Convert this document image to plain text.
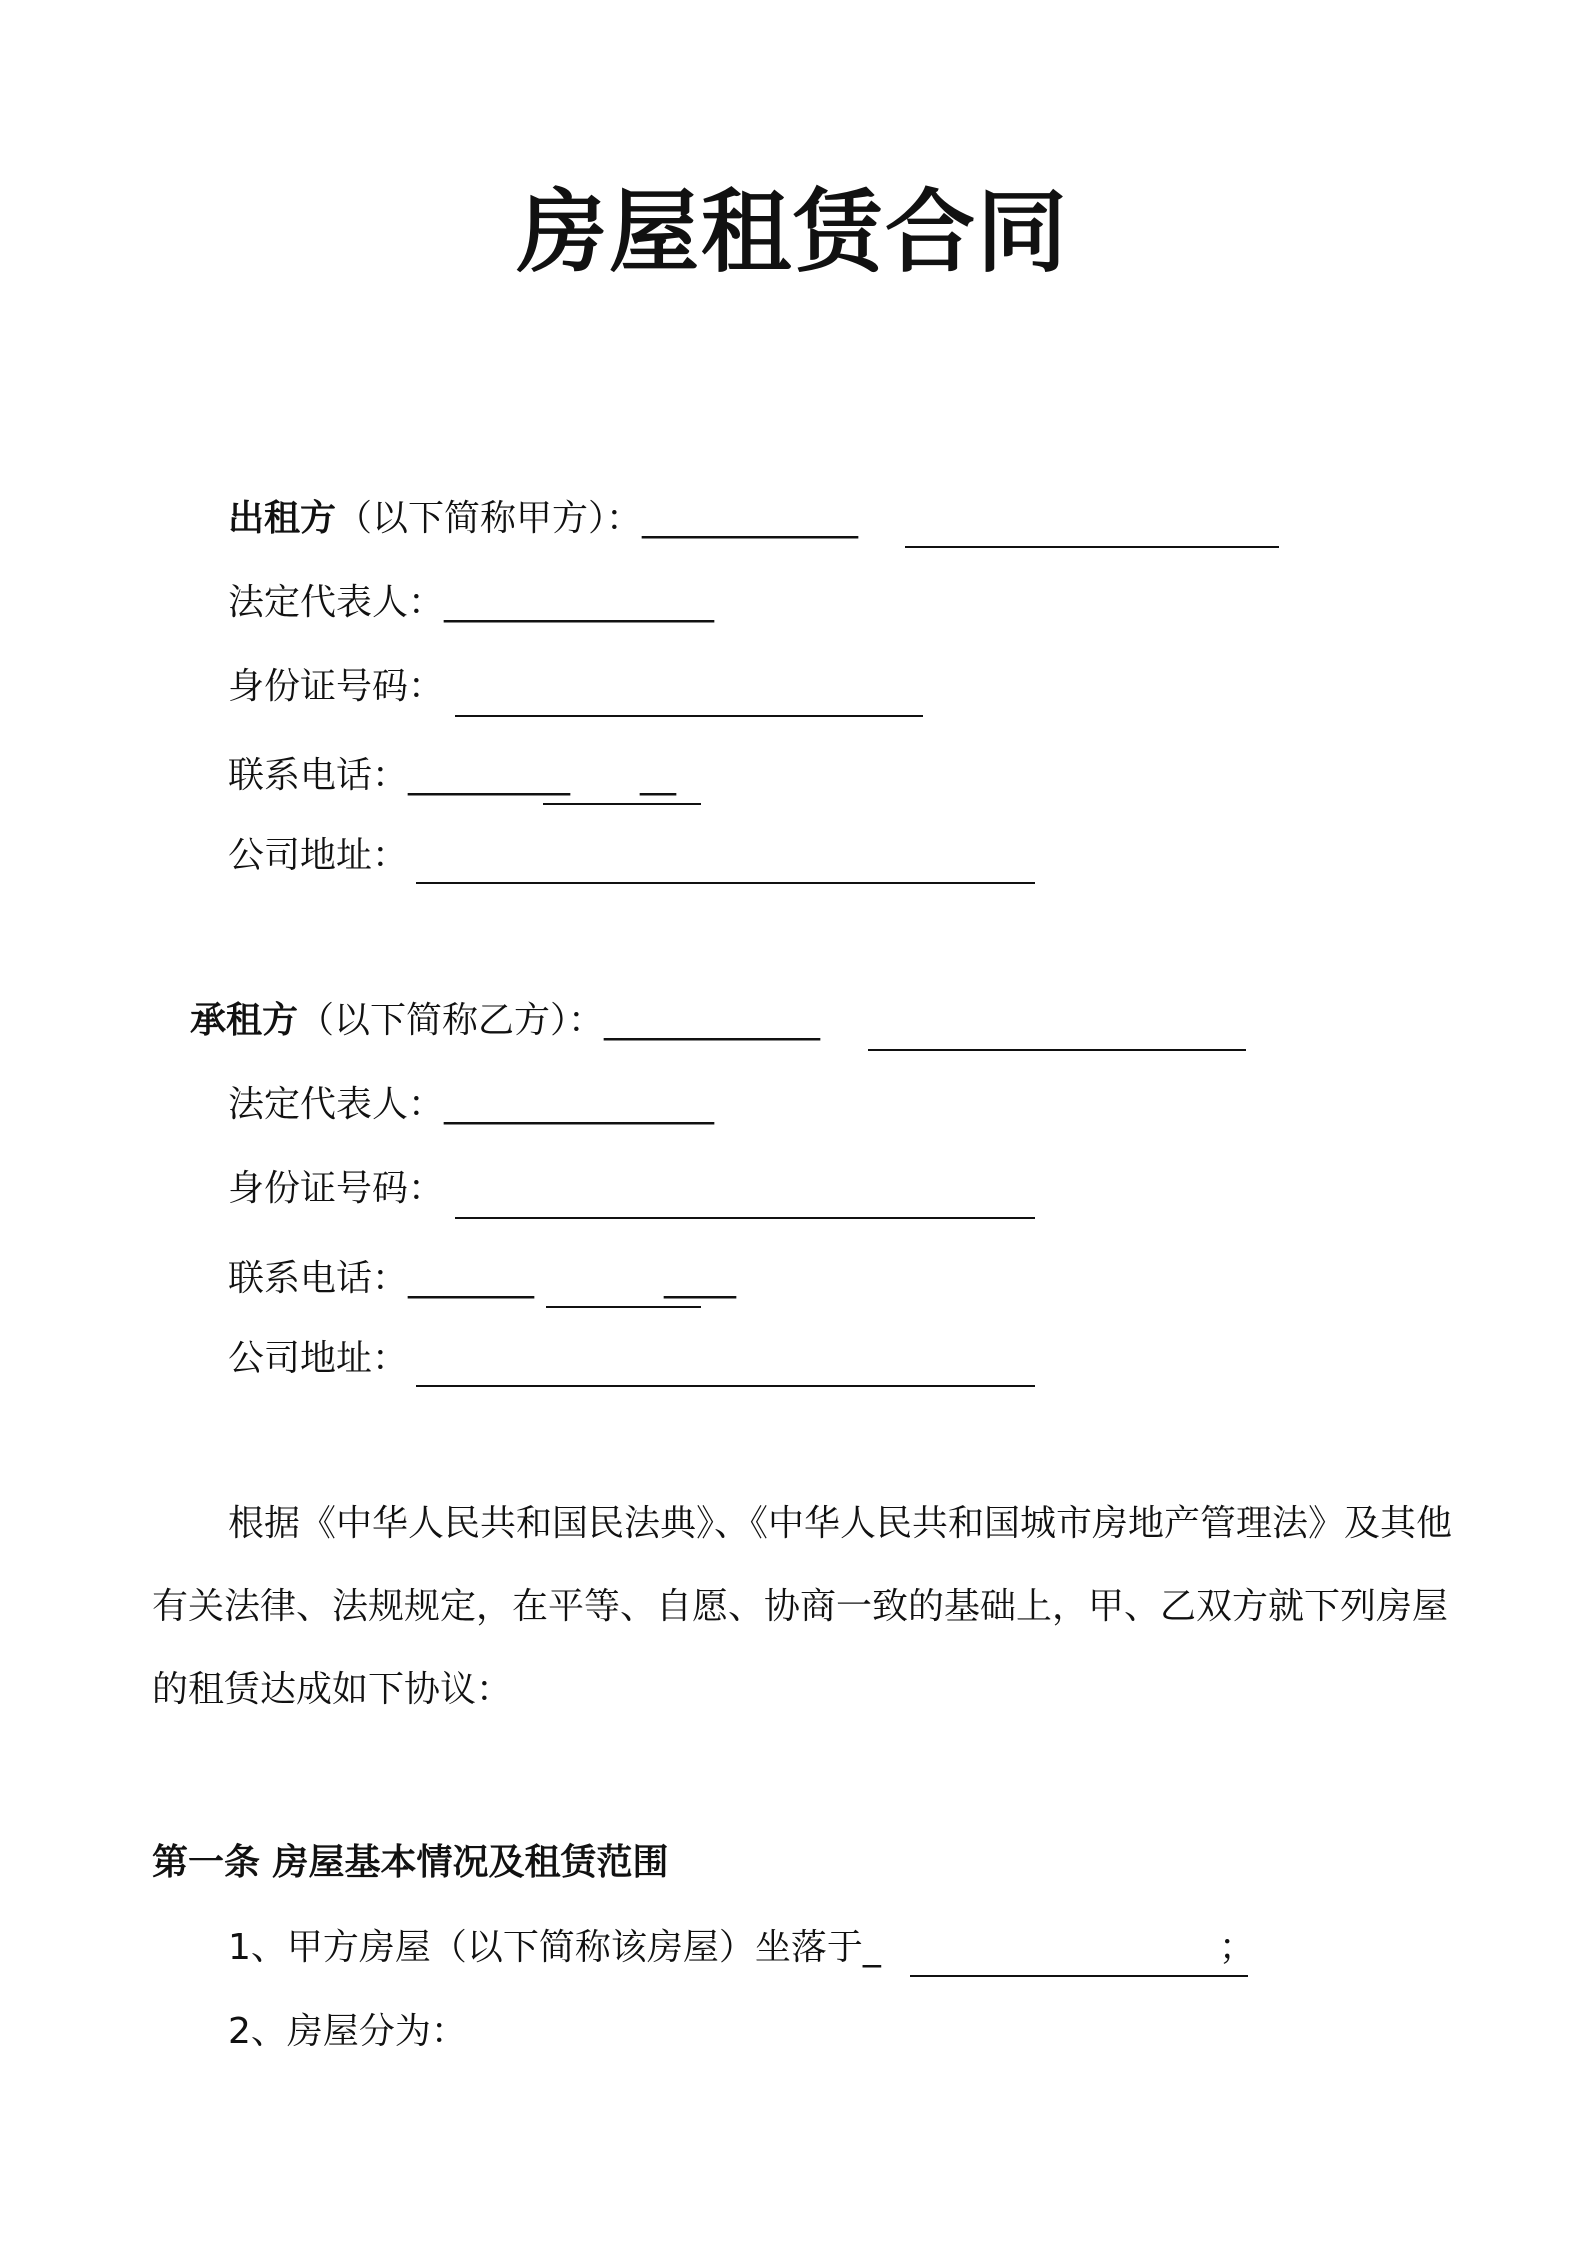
房屋租赁合同
出租方（以下简称甲方）：____________
法定代表人：_______________
身份证号码：
联系电话：_________ __
公司地址：
承租方（以下简称乙方）：____________
法定代表人：_______________
身份证号码：
联系电话：_______	____
公司地址：
根据《中华人民共和国民法典》、《中华人民共和国城市房地产管理法》及其他有关法律、法规规定，在平等、自愿、协商一致的基础上，甲、乙双方就下列房屋的租赁达成如下协议：
第一条 房屋基本情况及租赁范围
1、甲方房屋（以下简称该房屋）坐落于_	；
2、房屋分为：
